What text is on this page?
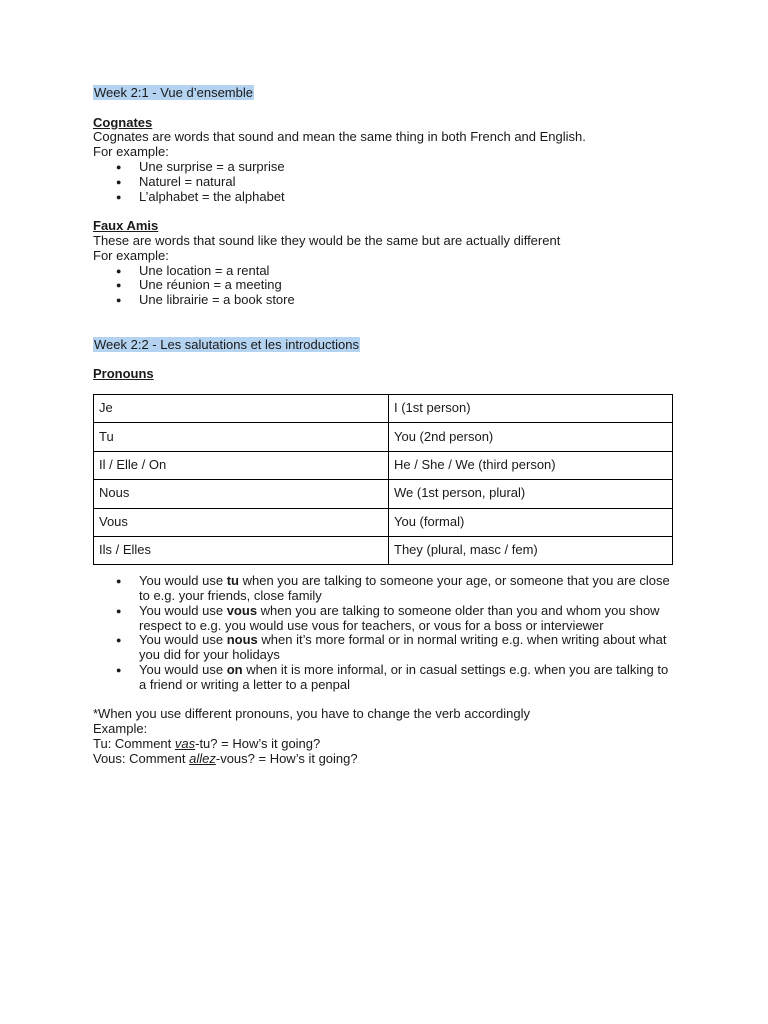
Week 2:1 - Vue d’ensemble

Cognates

Cognates are words that sound and mean the same thing in both French and English.

For example:

● Une surprise = a surprise
● Naturel = natural
● L’alphabet = the alphabet

Faux Amis

These are words that sound like they would be the same but are actually different

For example:

● Une location = a rental
● Une réunion = a meeting
● Une librairie = a book store

Week 2:2 - Les salutations et les introductions

Pronouns

Je	I (1st person)
Tu	You (2nd person)
Il / Elle / On	He / She / We (third person)
Nous	We (1st person, plural)
Vous	You (formal)
Ils / Elles	They (plural, masc / fem)
● You would use tu when you are talking to someone your age, or someone that you are close to e.g. your friends, close family
● You would use vous when you are talking to someone older than you and whom you show respect to e.g. you would use vous for teachers, or vous for a boss or interviewer
● You would use nous when it’s more formal or in normal writing e.g. when writing about what you did for your holidays
● You would use on when it is more informal, or in casual settings e.g. when you are talking to a friend or writing a letter to a penpal

*When you use different pronouns, you have to change the verb accordingly

Example:

Tu: Comment vas-tu? = How’s it going?

Vous: Comment allez-vous? = How’s it going?
